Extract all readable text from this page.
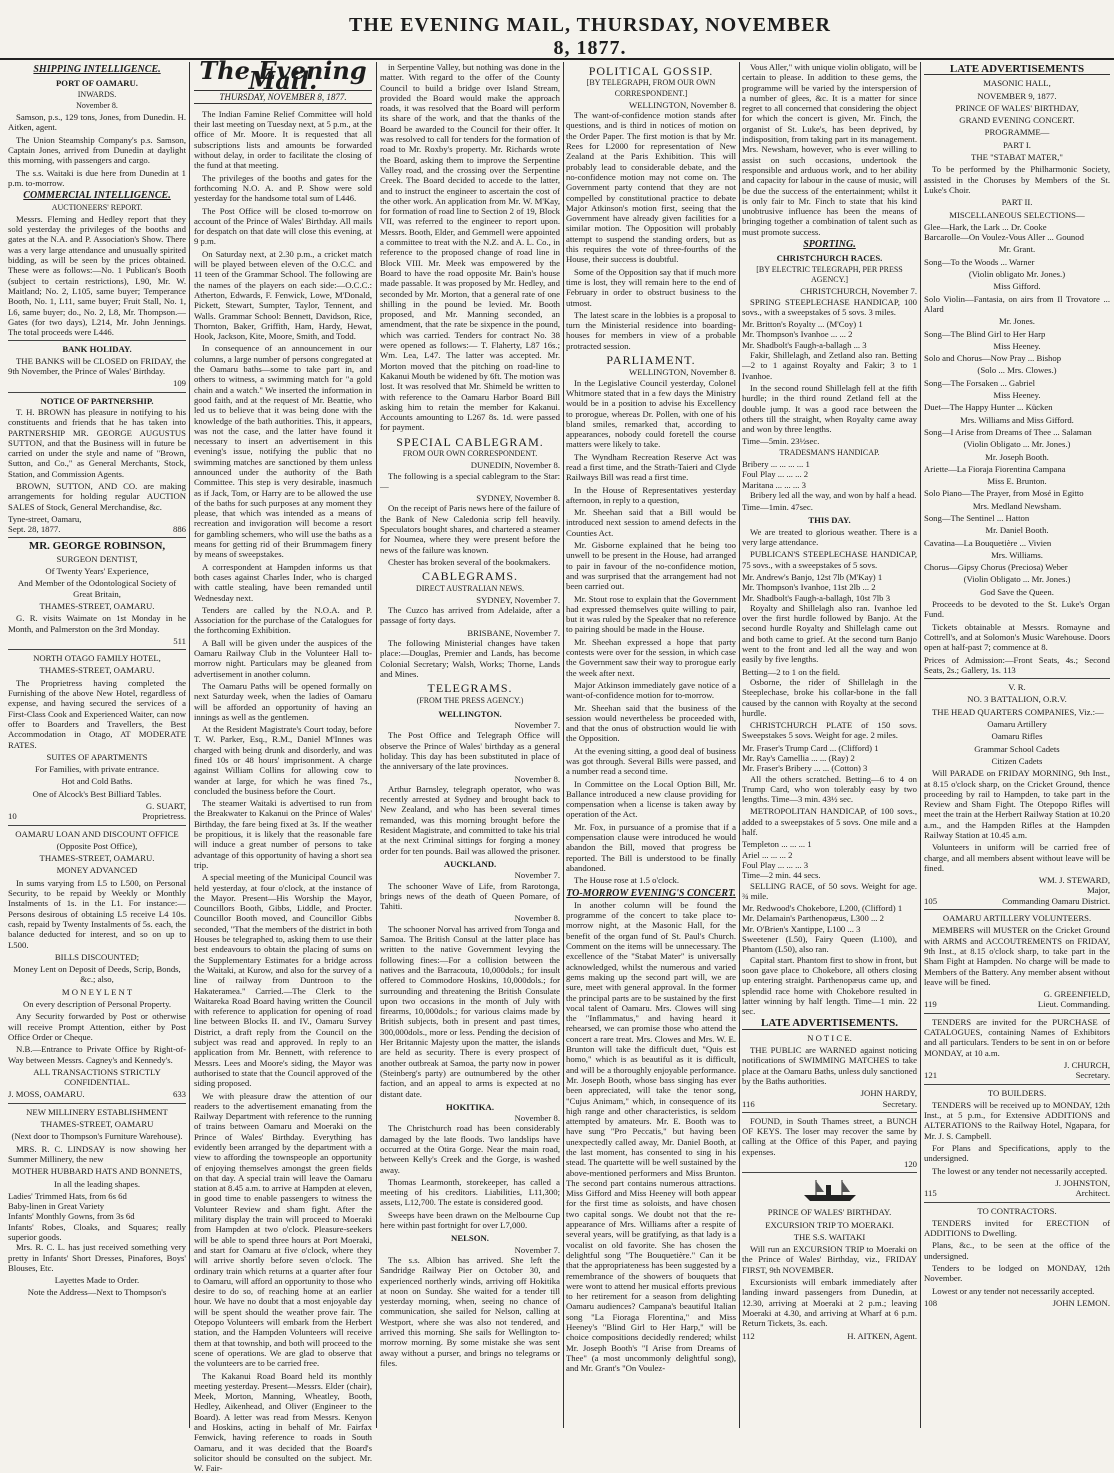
THE EVENING MAIL, THURSDAY, NOVEMBER 8, 1877.
SHIPPING INTELLIGENCE.
PORT OF OAMARU.
INWARDS.
November 8.

Samson, p.s., 129 tons, Jones, from Dunedin. H. Aitken, agent.

The Union Steamship Company's p.s. Samson, Captain Jones, arrived from Dunedin at daylight this morning, with passengers and cargo.

The s.s. Waitaki is due here from Dunedin at 1 p.m. to-morrow.

COMMERCIAL INTELLIGENCE.
AUCTIONEERS' REPORT.

Messrs. Fleming and Hedley report that they sold yesterday the privileges of the booths and gates at the N.A. and P. Association's Show. There was a very large attendance and unusually spirited bidding, as will be seen by the prices obtained. These were as follows:—No. 1 Publican's Booth (subject to certain restrictions), L90, Mr. W. Maitland; No. 2, L105, same buyer; Temperance Booth, No. 1, L11, same buyer; Fruit Stall, No. 1, L6, same buyer; do., No. 2, L8, Mr. Thompson.—Gates (for two days), L214, Mr. John Jennings. The total proceeds were L446.

BANK HOLIDAY.

THE BANKS will be CLOSED on FRIDAY, the 9th November, the Prince of Wales' Birthday.

109
NOTICE OF PARTNERSHIP.

T. H. BROWN has pleasure in notifying to his constituents and friends that he has taken into PARTNERSHIP MR. GEORGE AUGUSTUS SUTTON, and that the Business will in future be carried on under the style and name of "Brown, Sutton, and Co.," as General Merchants, Stock, Station, and Commission Agents.

BROWN, SUTTON, AND CO. are making arrangements for holding regular AUCTION SALES of Stock, General Merchandise, &c.

Tyne-street, Oamaru,
Sept. 28, 1877.	886
MR. GEORGE ROBINSON,
SURGEON DENTIST,
Of Twenty Years' Experience,
And Member of the Odontological Society of Great Britain,
THAMES-STREET, OAMARU.

G. R. visits Waimate on 1st Monday in he Month, and Palmerston on the 3rd Monday.

511
NORTH OTAGO FAMILY HOTEL,
THAMES-STREET, OAMARU.

The Proprietress having completed the Furnishing of the above New Hotel, regardless of expense, and having secured the services of a First-Class Cook and Experienced Waiter, can now offer to Boarders and Travellers, the Best Accommodation in Otago, AT MODERATE RATES.

SUITES OF APARTMENTS
For Families, with private entrance.
Hot and Cold Baths.
One of Alcock's Best Billiard Tables.
G. SUART,
10	Proprietress.
OAMARU LOAN AND DISCOUNT OFFICE
(Opposite Post Office),
THAMES-STREET, OAMARU.
MONEY ADVANCED

In sums varying from L5 to L500, on Personal Security, to be repaid by Weekly or Monthly Instalments of 1s. in the L1. For instance:—Persons desirous of obtaining L5 receive L4 10s. cash, repaid by Twenty Instalments of 5s. each, the balance deducted for interest, and so on up to L500.

BILLS DISCOUNTED;
Money Lent on Deposit of Deeds, Scrip, Bonds, &c.; also,
M O N E Y L E N T
On every description of Personal Property.

Any Security forwarded by Post or otherwise will receive Prompt Attention, either by Post Office Order or Cheque.

N.B.—Entrance to Private Office by Right-of-Way between Messrs. Cagney's and Kennedy's.

ALL TRANSACTIONS STRICTLY CONFIDENTIAL.
J. MOSS, OAMARU.	633
NEW MILLINERY ESTABLISHMENT
THAMES-STREET, OAMARU
(Next door to Thompson's Furniture Warehouse).

MRS. R. C. LINDSAY is now showing her Summer Millinery, the new

MOTHER HUBBARD HATS AND BONNETS,
In all the leading shapes.
Ladies' Trimmed Hats, from 6s 6d
Baby-linen in Great Variety
Infants' Monthly Gowns, from 3s 6d
Infants' Robes, Cloaks, and Squares; really superior goods.

Mrs. R. C. L. has just received something very pretty in Infants' Short Dresses, Pinafores, Boys' Blouses, Etc.

Layettes Made to Order.
Note the Address—Next to Thompson's
The Evening Mail.
THURSDAY, NOVEMBER 8, 1877.

The Indian Famine Relief Committee will hold their last meeting on Tuesday next, at 5 p.m., at the office of Mr. Moore. It is requested that all subscriptions lists and amounts be forwarded without delay, in order to facilitate the closing of the fund at that meeting.

The privileges of the booths and gates for the forthcoming N.O. A. and P. Show were sold yesterday for the handsome total sum of L446.

The Post Office will be closed to-morrow on account of the Prince of Wales' Birthday. All mails for despatch on that date will close this evening, at 9 p.m.

On Saturday next, at 2.30 p.m., a cricket match will be played between eleven of the O.C.C. and 11 teen of the Grammar School. The following are the names of the players on each side:—O.C.C.: Atherton, Edwards, F. Fenwick, Lowe, M'Donald, Pickett, Stewart, Sumpter, Taylor, Tennent, and Walls. Grammar School: Bennett, Davidson, Rice, Thornton, Baker, Griffith, Ham, Hardy, Hewat, Hook, Jackson, Kite, Moore, Smith, and Todd.

In consequence of an announcement in our columns, a large number of persons congregated at the Oamaru baths—some to take part in, and others to witness, a swimming match for "a gold chain and a watch." We inserted the information in good faith, and at the request of Mr. Beattie, who led us to believe that it was being done with the knowledge of the bath authorities. This, it appears, was not the case, and the latter have found it necessary to insert an advertisement in this evening's issue, notifying the public that no swimming matches are sanctioned by them unless announced under the authority of the Bath Committee. This step is very desirable, inasmuch as if Jack, Tom, or Harry are to be allowed the use of the baths for such purposes at any moment they please, that which was intended as a means of recreation and invigoration will become a resort for gambling schemers, who will use the baths as a means for getting rid of their Brummagem finery by means of sweepstakes.

A correspondent at Hampden informs us that both cases against Charles Inder, who is charged with cattle stealing, have been remanded until Wednesday next.

Tenders are called by the N.O.A. and P. Association for the purchase of the Catalogues for the forthcoming Exhibition.

A Ball will be given under the auspices of the Oamaru Railway Club in the Volunteer Hall to-morrow night. Particulars may be gleaned from advertisement in another column.

The Oamaru Paths will be opened formally on next Saturday week, when the ladies of Oamaru will be afforded an opportunity of having an innings as well as the gentlemen.

At the Resident Magistrate's Court today, before T. W. Parker, Esq., R.M., Daniel M'Innes was charged with being drunk and disorderly, and was fined 10s or 48 hours' imprisonment. A charge against William Collins for allowing cow to wander at large, for which he was fined 7s., concluded the business before the Court.

The steamer Waitaki is advertised to run from the Breakwater to Kakanui on the Prince of Wales' Birthday, the fare being fixed at 3s. If the weather be propitious, it is likely that the reasonable fare will induce a great number of persons to take advantage of this opportunity of having a short sea trip.

A special meeting of the Municipal Council was held yesterday, at four o'clock, at the instance of the Mayor. Present—His Worship the Mayor, Councillors Booth, Gibbs, Liddle, and Procter. Councillor Booth moved, and Councillor Gibbs seconded, "That the members of the district in both Houses be telegraphed to, asking them to use their best endeavours to obtain the placing of sums on the Supplementary Estimates for a bridge across the Waitaki, at Kurow, and also for the survey of a line of railway from Duntroon to the Hakateramea." Carried.—The Clerk to the Waitareka Road Board having written the Council with reference to application for opening of road line between Blocks II. and IV., Oamaru Survey District, a draft reply from the Council on the subject was read and approved. In reply to an application from Mr. Bennett, with reference to Messrs. Lees and Moore's siding, the Mayor was authorised to state that the Council approved of the siding proposed.

We with pleasure draw the attention of our readers to the advertisement emanating from the Railway Department with reference to the running of trains between Oamaru and Moeraki on the Prince of Wales' Birthday. Everything has evidently been arranged by the department with a view to affording the townspeople an opportunity of enjoying themselves amongst the green fields on that day. A special train will leave the Oamaru station at 8.45 a.m. to arrive at Hampden at eleven, in good time to enable passengers to witness the Volunteer Review and sham fight. After the military display the train will proceed to Moeraki from Hampden at two o'clock. Pleasure-seekers will be able to spend three hours at Port Moeraki, and start for Oamaru at five o'clock, where they will arrive shortly before seven o'clock. The ordinary train which returns at a quarter after four to Oamaru, will afford an opportunity to those who desire to do so, of reaching home at an earlier hour. We have no doubt that a most enjoyable day will be spent should the weather prove fair. The Otepopo Volunteers will embark from the Herbert station, and the Hampden Volunteers will receive them at that township, and both will proceed to the scene of operations. We are glad to observe that the volunteers are to be carried free.

The Kakanui Road Board held its monthly meeting yesterday. Present—Messrs. Elder (chair), Meek, Morton, Manning, Wheatley, Booth, Hedley, Aikenhead, and Oliver (Engineer to the Board). A letter was read from Messrs. Kenyon and Hoskins, acting in behalf of Mr. Fairfax Fenwick, having reference to roads in South Oamaru, and it was decided that the Board's solicitor should be consulted on the subject. Mr. W. Fair-

in Serpentine Valley, but nothing was done in the matter. With regard to the offer of the County Council to build a bridge over Island Stream, provided the Board would make the approach roads, it was resolved that the Board will perform its share of the work, and that the thanks of the Board be awarded to the Council for their offer. It was resolved to call for tenders for the formation of road to Mr. Roxby's property. Mr. Richards wrote the Board, asking them to improve the Serpentine Valley road, and the crossing over the Serpentine Creek. The Board decided to accede to the latter, and to instruct the engineer to ascertain the cost of the other work. An application from Mr. W. M'Kay, for formation of road line to Section 2 of 19, Block VII, was referred to the engineer to report upon. Messrs. Booth, Elder, and Gemmell were appointed a committee to treat with the N.Z. and A. L. Co., in reference to the proposed change of road line in Block VIII. Mr. Meek was empowered by the Board to have the road opposite Mr. Bain's house made passable. It was proposed by Mr. Hedley, and seconded by Mr. Morton, that a general rate of one shilling in the pound be levied. Mr. Booth proposed, and Mr. Manning seconded, an amendment, that the rate be sixpence in the pound, which was carried. Tenders for contract No. 38 were opened as follows:— T. Flaherty, L87 16s.; Wm. Lea, L47. The latter was accepted. Mr. Morton moved that the pitching on road-line to Kakanui Mouth be widened by 6ft. The motion was lost. It was resolved that Mr. Shimeld be written to with reference to the Oamaru Harbor Board Bill asking him to retain the member for Kakanui. Accounts amounting to L267 8s. 1d. were passed for payment.

SPECIAL CABLEGRAM.
FROM OUR OWN CORRESPONDENT.
DUNEDIN, November 8.

The following is a special cablegram to the Star:—

SYDNEY, November 8.

On the receipt of Paris news here of the failure of the Bank of New Caledonia scrip fell heavily. Speculators bought shares, and chartered a steamer for Noumea, where they were present before the news of the failure was known.

Chester has broken several of the bookmakers.

CABLEGRAMS.
DIRECT AUSTRALIAN NEWS.
SYDNEY, November 7.

The Cuzco has arrived from Adelaide, after a passage of forty days.

BRISBANE, November 7.

The following Ministerial changes have taken place:—Douglas, Premier and Lands, has become Colonial Secretary; Walsh, Works; Thorne, Lands and Mines.

TELEGRAMS.
(FROM THE PRESS AGENCY.)
WELLINGTON.
November 7.

The Post Office and Telegraph Office will observe the Prince of Wales' birthday as a general holiday. This day has been substituted in place of the anniversary of the late provinces.

November 8.

Arthur Barnsley, telegraph operator, who was recently arrested at Sydney and brought back to New Zealand, and who has been several times remanded, was this morning brought before the Resident Magistrate, and committed to take his trial at the next Criminal sittings for forging a money order for ten pounds. Bail was allowed the prisoner.

AUCKLAND.
November 7.

The schooner Wave of Life, from Rarotonga, brings news of the death of Queen Pomare, of Tahiti.

November 8.

The schooner Norval has arrived from Tonga and Samoa. The British Consul at the latter place has written to the native Government levying the following fines:—For a collision between the natives and the Barracouta, 10,000dols.; for insult offered to Commodore Hoskins, 10,000dols.; for surrounding and threatening the British Consulate upon two occasions in the month of July with firearms, 10,000dols.; for various claims made by British subjects, both in present and past times, 300,000dols., more or less. Pending the decision of Her Britannic Majesty upon the matter, the islands are held as security. There is every prospect of another outbreak at Samoa, the party now in power (Steinberg's party) are outnumbered by the other faction, and an appeal to arms is expected at no distant date.

HOKITIKA.
November 8.

The Christchurch road has been considerably damaged by the late floods. Two landslips have occurred at the Otira Gorge. Near the main road, between Kelly's Creek and the Gorge, is washed away.

Thomas Learmonth, storekeeper, has called a meeting of his creditors. Liabilities, L11,300; assets, L12,700. The estate is considered good.

Sweeps have been drawn on the Melbourne Cup here within past fortnight for over L7,000.

NELSON.
November 7.

The s.s. Albion has arrived. She left the Sandridge Railway Pier on October 30, and experienced northerly winds, arriving off Hokitika at noon on Sunday. She waited for a tender till yesterday morning, when, seeing no chance of communication, she sailed for Nelson, calling at Westport, where she was also not tendered, and arrived this morning. She sails for Wellington to-morrow morning. By some mistake she was sent away without a purser, and brings no telegrams or files.

POLITICAL GOSSIP.
[BY TELEGRAPH, FROM OUR OWN CORRESPONDENT.]
WELLINGTON, November 8.

The want-of-confidence motion stands after questions, and is third in notices of motion on the Order Paper. The first motion is that by Mr. Rees for L2000 for representation of New Zealand at the Paris Exhibition. This will probably lead to considerable debate, and the no-confidence motion may not come on. The Government party contend that they are not compelled by constitutional practice to debate Major Atkinson's motion first, seeing that the Government have already given facilities for a similar motion. The Opposition will probably attempt to suspend the standing orders, but as this requires the vote of three-fourths of the House, their success is doubtful.

Some of the Opposition say that if much more time is lost, they will remain here to the end of February in order to obstruct business to the utmost.

The latest scare in the lobbies is a proposal to turn the Ministerial residence into boarding-houses for members in view of a probable protracted session.

PARLIAMENT.
WELLINGTON, November 8.

In the Legislative Council yesterday, Colonel Whitmore stated that in a few days the Ministry would be in a position to advise his Excellency to prorogue, whereas Dr. Pollen, with one of his bland smiles, remarked that, according to appearances, nobody could foretell the course matters were likely to take.

The Wyndham Recreation Reserve Act was read a first time, and the Strath-Taieri and Clyde Railways Bill was read a first time.

In the House of Representatives yesterday afternoon, in reply to a question,

Mr. Sheehan said that a Bill would be introduced next session to amend defects in the Counties Act.

Mr. Gisborne explained that he being too unwell to be present in the House, had arranged to pair in favour of the no-confidence motion, and was surprised that the arrangement had not been carried out.

Mr. Stout rose to explain that the Government had expressed themselves quite willing to pair, but it was ruled by the Speaker that no reference to pairing should be made in the House.

Mr. Sheehan expressed a hope that party contests were over for the session, in which case the Government saw their way to prorogue early the week after next.

Major Atkinson immediately gave notice of a want-of-confidence motion for to-morrow.

Mr. Sheehan said that the business of the session would nevertheless be proceeded with, and that the onus of obstruction would lie with the Opposition.

At the evening sitting, a good deal of business was got through. Several Bills were passed, and a number read a second time.

In Committee on the Local Option Bill, Mr. Ballance introduced a new clause providing for compensation when a license is taken away by operation of the Act.

Mr. Fox, in pursuance of a promise that if a compensation clause were introduced he would abandon the Bill, moved that progress be reported. The Bill is understood to be finally abandoned.

The House rose at 1.5 o'clock.

TO-MORROW EVENING'S CONCERT.

In another column will be found the programme of the concert to take place to-morrow night, at the Masonic Hall, for the benefit of the organ fund of St. Paul's Church. Comment on the items will be unnecessary. The excellence of the "Stabat Mater" is universally acknowledged, whilst the numerous and varied gems making up the second part will, we are sure, meet with general approval. In the former the principal parts are to be sustained by the first vocal talent of Oamaru. Mrs. Clowes will sing the "Inflammatus," and having heard it rehearsed, we can promise those who attend the concert a rare treat. Mrs. Clowes and Mrs. W. E. Brunton will take the difficult duet, "Quis est homo," which is as beautiful as it is difficult, and will be a thoroughly enjoyable performance. Mr. Joseph Booth, whose bass singing has ever been appreciated, will take the tenor song, "Cujus Animam," which, in consequence of its high range and other characteristics, is seldom attempted by amateurs. Mr. E. Booth was to have sung "Pro Peccatis," but having been unexpectedly called away, Mr. Daniel Booth, at the last moment, has consented to sing in his stead. The quartette will be well sustained by the above-mentioned performers and Miss Brunton. The second part contains numerous attractions. Miss Gifford and Miss Heeney will both appear for the first time as soloists, and have chosen two capital songs. We doubt not that the re-appearance of Mrs. Williams after a respite of several years, will be gratifying, as that lady is a vocalist on old favorite. She has chosen the delightful song "The Bouquetière." Can it be that the appropriateness has been suggested by a remembrance of the showers of bouquets that were wont to attend her musical efforts previous to her retirement for a season from delighting Oamaru audiences? Campana's beautiful Italian song "La Fioraga Florentina," and Miss Heeney's "Blind Girl to Her Harp," will be choice compositions decidedly rendered; whilst Mr. Joseph Booth's "I Arise from Dreams of Thee" (a most uncommonly delightful song), and Mr. Grant's "On Voulez-

Vous Aller," with unique violin obligato, will be certain to please. In addition to these gems, the programme will be varied by the interspersion of a number of glees, &c. It is a matter for since regret to all concerned that considering the object for which the concert is given, Mr. Finch, the organist of St. Luke's, has been deprived, by indisposition, from taking part in its management. Mrs. Newsham, however, who is ever willing to assist on such occasions, undertook the responsible and arduous work, and to her ability and capacity for labour in the cause of music, will be due the success of the entertainment; whilst it is only fair to Mr. Finch to state that his kind unobtrusive influence has been the means of bringing together a combination of talent such as must promote success.

SPORTING.
CHRISTCHURCH RACES.
[BY ELECTRIC TELEGRAPH, PER PRESS AGENCY.]
CHRISTCHURCH, November 7.

SPRING STEEPLECHASE HANDICAP, 100 sovs., with a sweepstakes of 5 sovs. 3 miles.

Mr. Britton's Royalty ... (M'Coy) 1
Mr. Thompson's Ivanhoe ... ... 2
Mr. Shadbolt's Faugh-a-ballagh ... 3

Fakir, Shillelagh, and Zetland also ran. Betting—2 to 1 against Royalty and Fakir; 3 to 1 Ivanhoe.

In the second round Shillelagh fell at the fifth hurdle; in the third round Zetland fell at the double jump. It was a good race between the others till the straight, when Royalty came away and won by three lengths.

Time—5min. 23½sec.
TRADESMAN'S HANDICAP.
Bribery ... ... ... ... 1
Foul Play ... ... ... 2
Maritana ... ... ... 3

Bribery led all the way, and won by half a head.

Time—1min. 47sec.
THIS DAY.

We are treated to glorious weather. There is a very large attendance.

PUBLICAN'S STEEPLECHASE HANDICAP, 75 sovs., with a sweepstakes of 5 sovs.

Mr. Andrew's Banjo, 12st 7lb (M'Kay) 1
Mr. Thompson's Ivanhoe, 11st 2lb ... 2
Mr. Shadbolt's Faugh-a-ballagh, 10st 7lb 3

Royalty and Shillelagh also ran. Ivanhoe led over the first hurdle followed by Banjo. At the second hurdle Royalty and Shillelagh came out and both came to grief. At the second turn Banjo went to the front and led all the way and won easily by five lengths.

Betting—2 to 1 on the field.

Osborne, the rider of Shillelagh in the Steeplechase, broke his collar-bone in the fall caused by the cannon with Royalty at the second hurdle.

CHRISTCHURCH PLATE of 150 sovs. Sweepstakes 5 sovs. Weight for age. 2 miles.

Mr. Fraser's Trump Card ... (Clifford) 1
Mr. Ray's Camellia ... ... (Ray) 2
Mr. Fraser's Bribery ... ... (Cotton) 3

All the others scratched. Betting—6 to 4 on Trump Card, who won tolerably easy by two lengths. Time—3 min. 43½ sec.

METROPOLITAN HANDICAP, of 100 sovs., added to a sweepstakes of 5 sovs. One mile and a half.

Templeton ... ... ... 1
Ariel ... ... ... 2
Foul Play ... ... ... 3
Time—2 min. 44 secs.

SELLING RACE, of 50 sovs. Weight for age. ¾ mile.

Mr. Redwood's Chokebore, L200, (Clifford) 1
Mr. Delamain's Parthenopæus, L300 ... 2
Mr. O'Brien's Xantippe, L100 ... 3
Sweetener (L50), Fairy Queen (L100), and Phantom (L50), also ran.

Capital start. Phantom first to show in front, but soon gave place to Chokebore, all others closing up entering straight. Parthenopæus came up, and splendid race home with Chokebore resulted in latter winning by half length. Time—1 min. 22 sec.

LATE ADVERTISEMENTS.
N O T I C E.

THE PUBLIC are WARNED against noticing notifications of SWIMMING MATCHES to take place at the Oamaru Baths, unless duly sanctioned by the Baths authorities.

JOHN HARDY,
116	Secretary.

FOUND, in South Thames street, a BUNCH OF KEYS. The loser may recover the same by calling at the Office of this Paper, and paying expenses.

120
PRINCE OF WALES' BIRTHDAY.
EXCURSION TRIP TO MOERAKI.
THE S.S. WAITAKI

Will run an EXCURSION TRIP to Moeraki on the Prince of Wales' Birthday, viz., FRIDAY FIRST, 9th NOVEMBER.

Excursionists will embark immediately after landing inward passengers from Dunedin, at 12.30, arriving at Moeraki at 2 p.m.; leaving Moeraki at 4.30, and arriving at Wharf at 6 p.m. Return Tickets, 3s. each.

112	H. AITKEN, Agent.
LATE ADVERTISEMENTS
MASONIC HALL,
NOVEMBER 9, 1877.
PRINCE OF WALES' BIRTHDAY,
GRAND EVENING CONCERT.
PROGRAMME—
PART I.
THE "STABAT MATER,"

To be performed by the Philharmonic Society, assisted in the Choruses by Members of the St. Luke's Choir.

PART II.
MISCELLANEOUS SELECTIONS—
Glee—Hark, the Lark ... Dr. Cooke
Barcarolle—On Voulez-Vous Aller ... Gounod
Mr. Grant.
Song—To the Woods ... Warner
(Violin obligato Mr. Jones.)
Miss Gifford.
Solo Violin—Fantasia, on airs from Il Trovatore ... Alard
Mr. Jones.
Song—The Blind Girl to Her Harp
Miss Heeney.
Solo and Chorus—Now Pray ... Bishop
(Solo ... Mrs. Clowes.)
Song—The Forsaken ... Gabriel
Miss Heeney.
Duet—The Happy Hunter ... Kücken
Mrs. Williams and Miss Gifford.
Song—I Arise from Dreams of Thee ... Salaman
(Violin Obligato ... Mr. Jones.)
Mr. Joseph Booth.
Ariette—La Fioraja Fiorentina Campana
Miss E. Brunton.
Solo Piano—The Prayer, from Mosé in Egitto
Mrs. Medland Newsham.
Song—The Sentinel ... Hatton
Mr. Daniel Booth.
Cavatina—La Bouquetière ... Vivien
Mrs. Williams.
Chorus—Gipsy Chorus (Preciosa) Weber
(Violin Obligato ... Mr. Jones.)
God Save the Queen.

Proceeds to be devoted to the St. Luke's Organ Fund.

Tickets obtainable at Messrs. Romayne and Cottrell's, and at Solomon's Music Warehouse. Doors open at half-past 7; commence at 8.

Prices of Admission:—Front Seats, 4s.; Second Seats, 2s.; Gallery, 1s. 113
V. R.
NO. 3 BATTALION, O.R.V.

THE HEAD QUARTERS COMPANIES, Viz.:—

Oamaru Artillery
Oamaru Rifles
Grammar School Cadets
Citizen Cadets

Will PARADE on FRIDAY MORNING, 9th Inst., at 8.15 o'clock sharp, on the Cricket Ground, thence proceeding by rail to Hampden, to take part in the Review and Sham Fight. The Otepopo Rifles will meet the train at the Herbert Railway Station at 10.20 a.m., and the Hampden Rifles at the Hampden Railway Station at 10.45 a.m.

Volunteers in uniform will be carried free of charge, and all members absent without leave will be fined.

WM. J. STEWARD,
Major,
105	Commanding Oamaru District.
OAMARU ARTILLERY VOLUNTEERS.

MEMBERS will MUSTER on the Cricket Ground with ARMS and ACCOUTREMENTS on FRIDAY, 9th Inst., at 8.15 o'clock sharp, to take part in the Sham Fight at Hampden. No charge will be made to Members of the Battery. Any member absent without leave will be fined.

G. GREENFIELD,
119	Lieut. Commanding.

TENDERS are invited for the PURCHASE of CATALOGUES, containing Names of Exhibitors and all particulars. Tenders to be sent in on or before MONDAY, at 10 a.m.

J. CHURCH,
121	Secretary.
TO BUILDERS.

TENDERS will be received up to MONDAY, 12th Inst., at 5 p.m., for Extensive ADDITIONS and ALTERATIONS to the Railway Hotel, Ngapara, for Mr. J. S. Campbell.

For Plans and Specifications, apply to the undersigned.

The lowest or any tender not necessarily accepted.

J. JOHNSTON,
115	Architect.
TO CONTRACTORS.

TENDERS invited for ERECTION of ADDITIONS to Dwelling.

Plans, &c., to be seen at the office of the undersigned.

Tenders to be lodged on MONDAY, 12th November.

Lowest or any tender not necessarily accepted.

108	JOHN LEMON.
